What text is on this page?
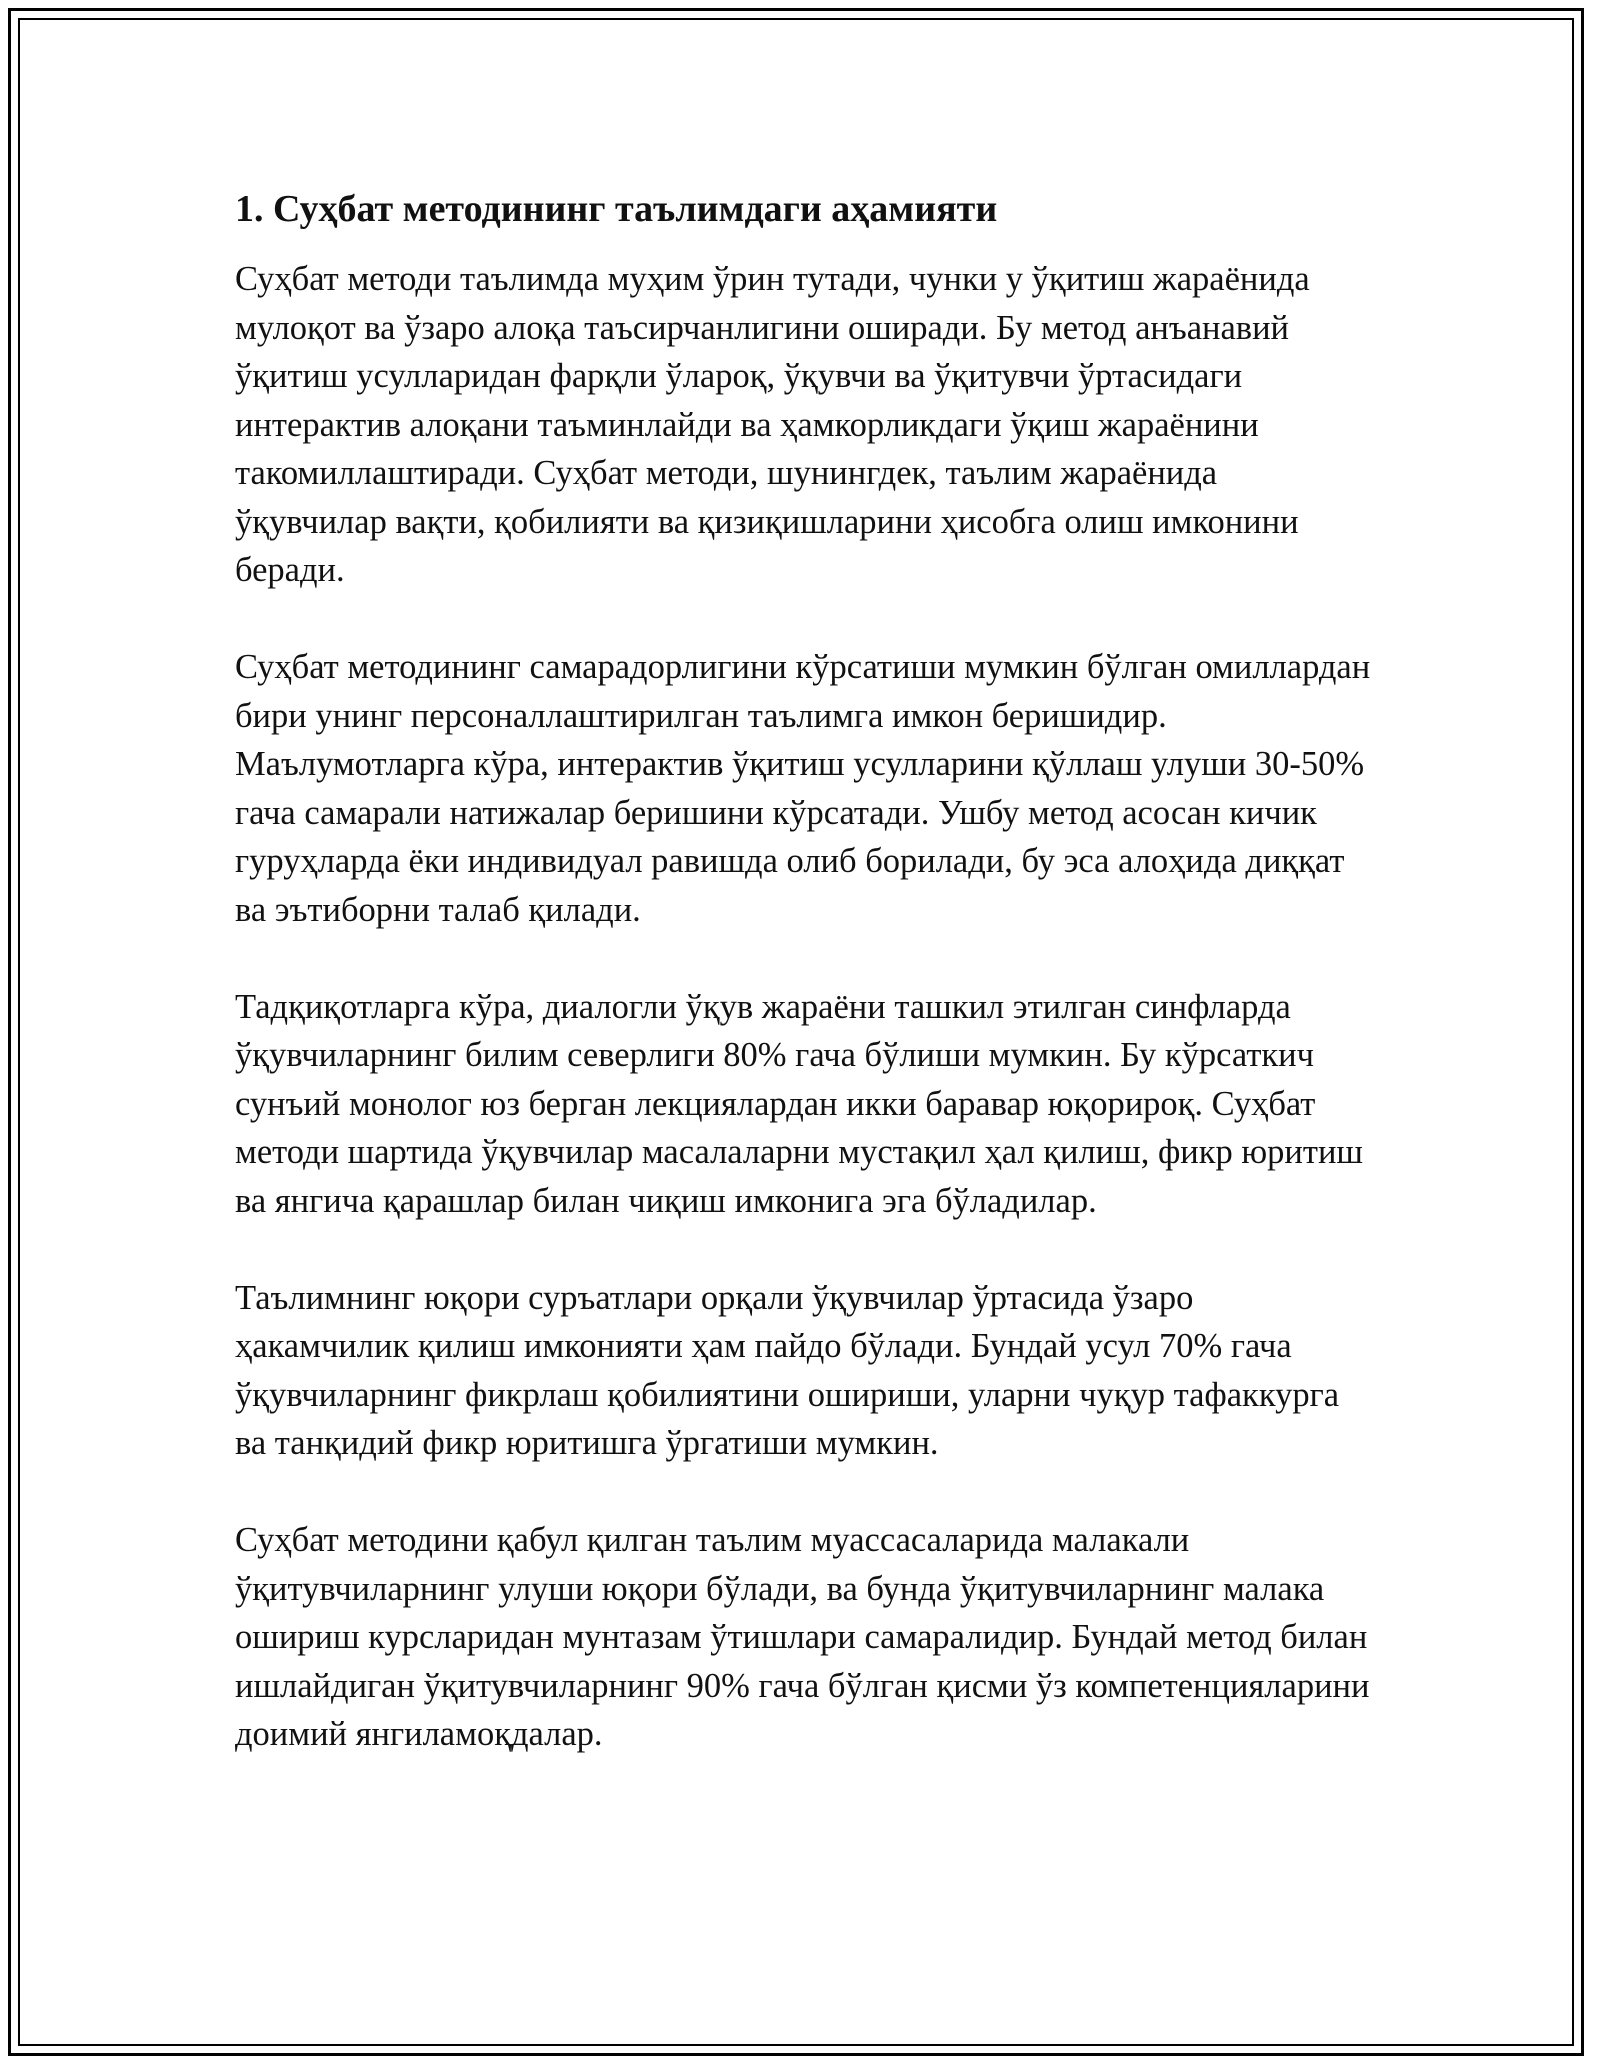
1. Суҳбат методининг таълимдаги аҳамияти

Суҳбат методи таълимда муҳим ўрин тутади, чунки у ўқитиш жараёнида мулоқот ва ўзаро алоқа таъсирчанлигини оширади. Бу метод анъанавий ўқитиш усулларидан фарқли ўлароқ, ўқувчи ва ўқитувчи ўртасидаги интерактив алоқани таъминлайди ва ҳамкорликдаги ўқиш жараёнини такомиллаштиради. Суҳбат методи, шунингдек, таълим жараёнида ўқувчилар вақти, қобилияти ва қизиқишларини ҳисобга олиш имконини беради.

Суҳбат методининг самарадорлигини кўрсатиши мумкин бўлган омиллардан бири унинг персоналлаштирилган таълимга имкон беришидир. Маълумотларга кўра, интерактив ўқитиш усулларини қўллаш улуши 30-50% гача самарали натижалар беришини кўрсатади. Ушбу метод асосан кичик гуруҳларда ёки индивидуал равишда олиб борилади, бу эса алоҳида диққат ва эътиборни талаб қилади.

Тадқиқотларга кўра, диалогли ўқув жараёни ташкил этилган синфларда ўқувчиларнинг билим северлиги 80% гача бўлиши мумкин. Бу кўрсаткич сунъий монолог юз берган лекциялардан икки баравар юқорироқ. Суҳбат методи шартида ўқувчилар масалаларни мустақил ҳал қилиш, фикр юритиш ва янгича қарашлар билан чиқиш имконига эга бўладилар.

Таълимнинг юқори суръатлари орқали ўқувчилар ўртасида ўзаро ҳакамчилик қилиш имконияти ҳам пайдо бўлади. Бундай усул 70% гача ўқувчиларнинг фикрлаш қобилиятини ошириши, уларни чуқур тафаккурга ва танқидий фикр юритишга ўргатиши мумкин.

Суҳбат методини қабул қилган таълим муассасаларида малакали ўқитувчиларнинг улуши юқори бўлади, ва бунда ўқитувчиларнинг малака ошириш курсларидан мунтазам ўтишлари самаралидир. Бундай метод билан ишлайдиган ўқитувчиларнинг 90% гача бўлган қисми ўз компетенцияларини доимий янгиламоқдалар.
